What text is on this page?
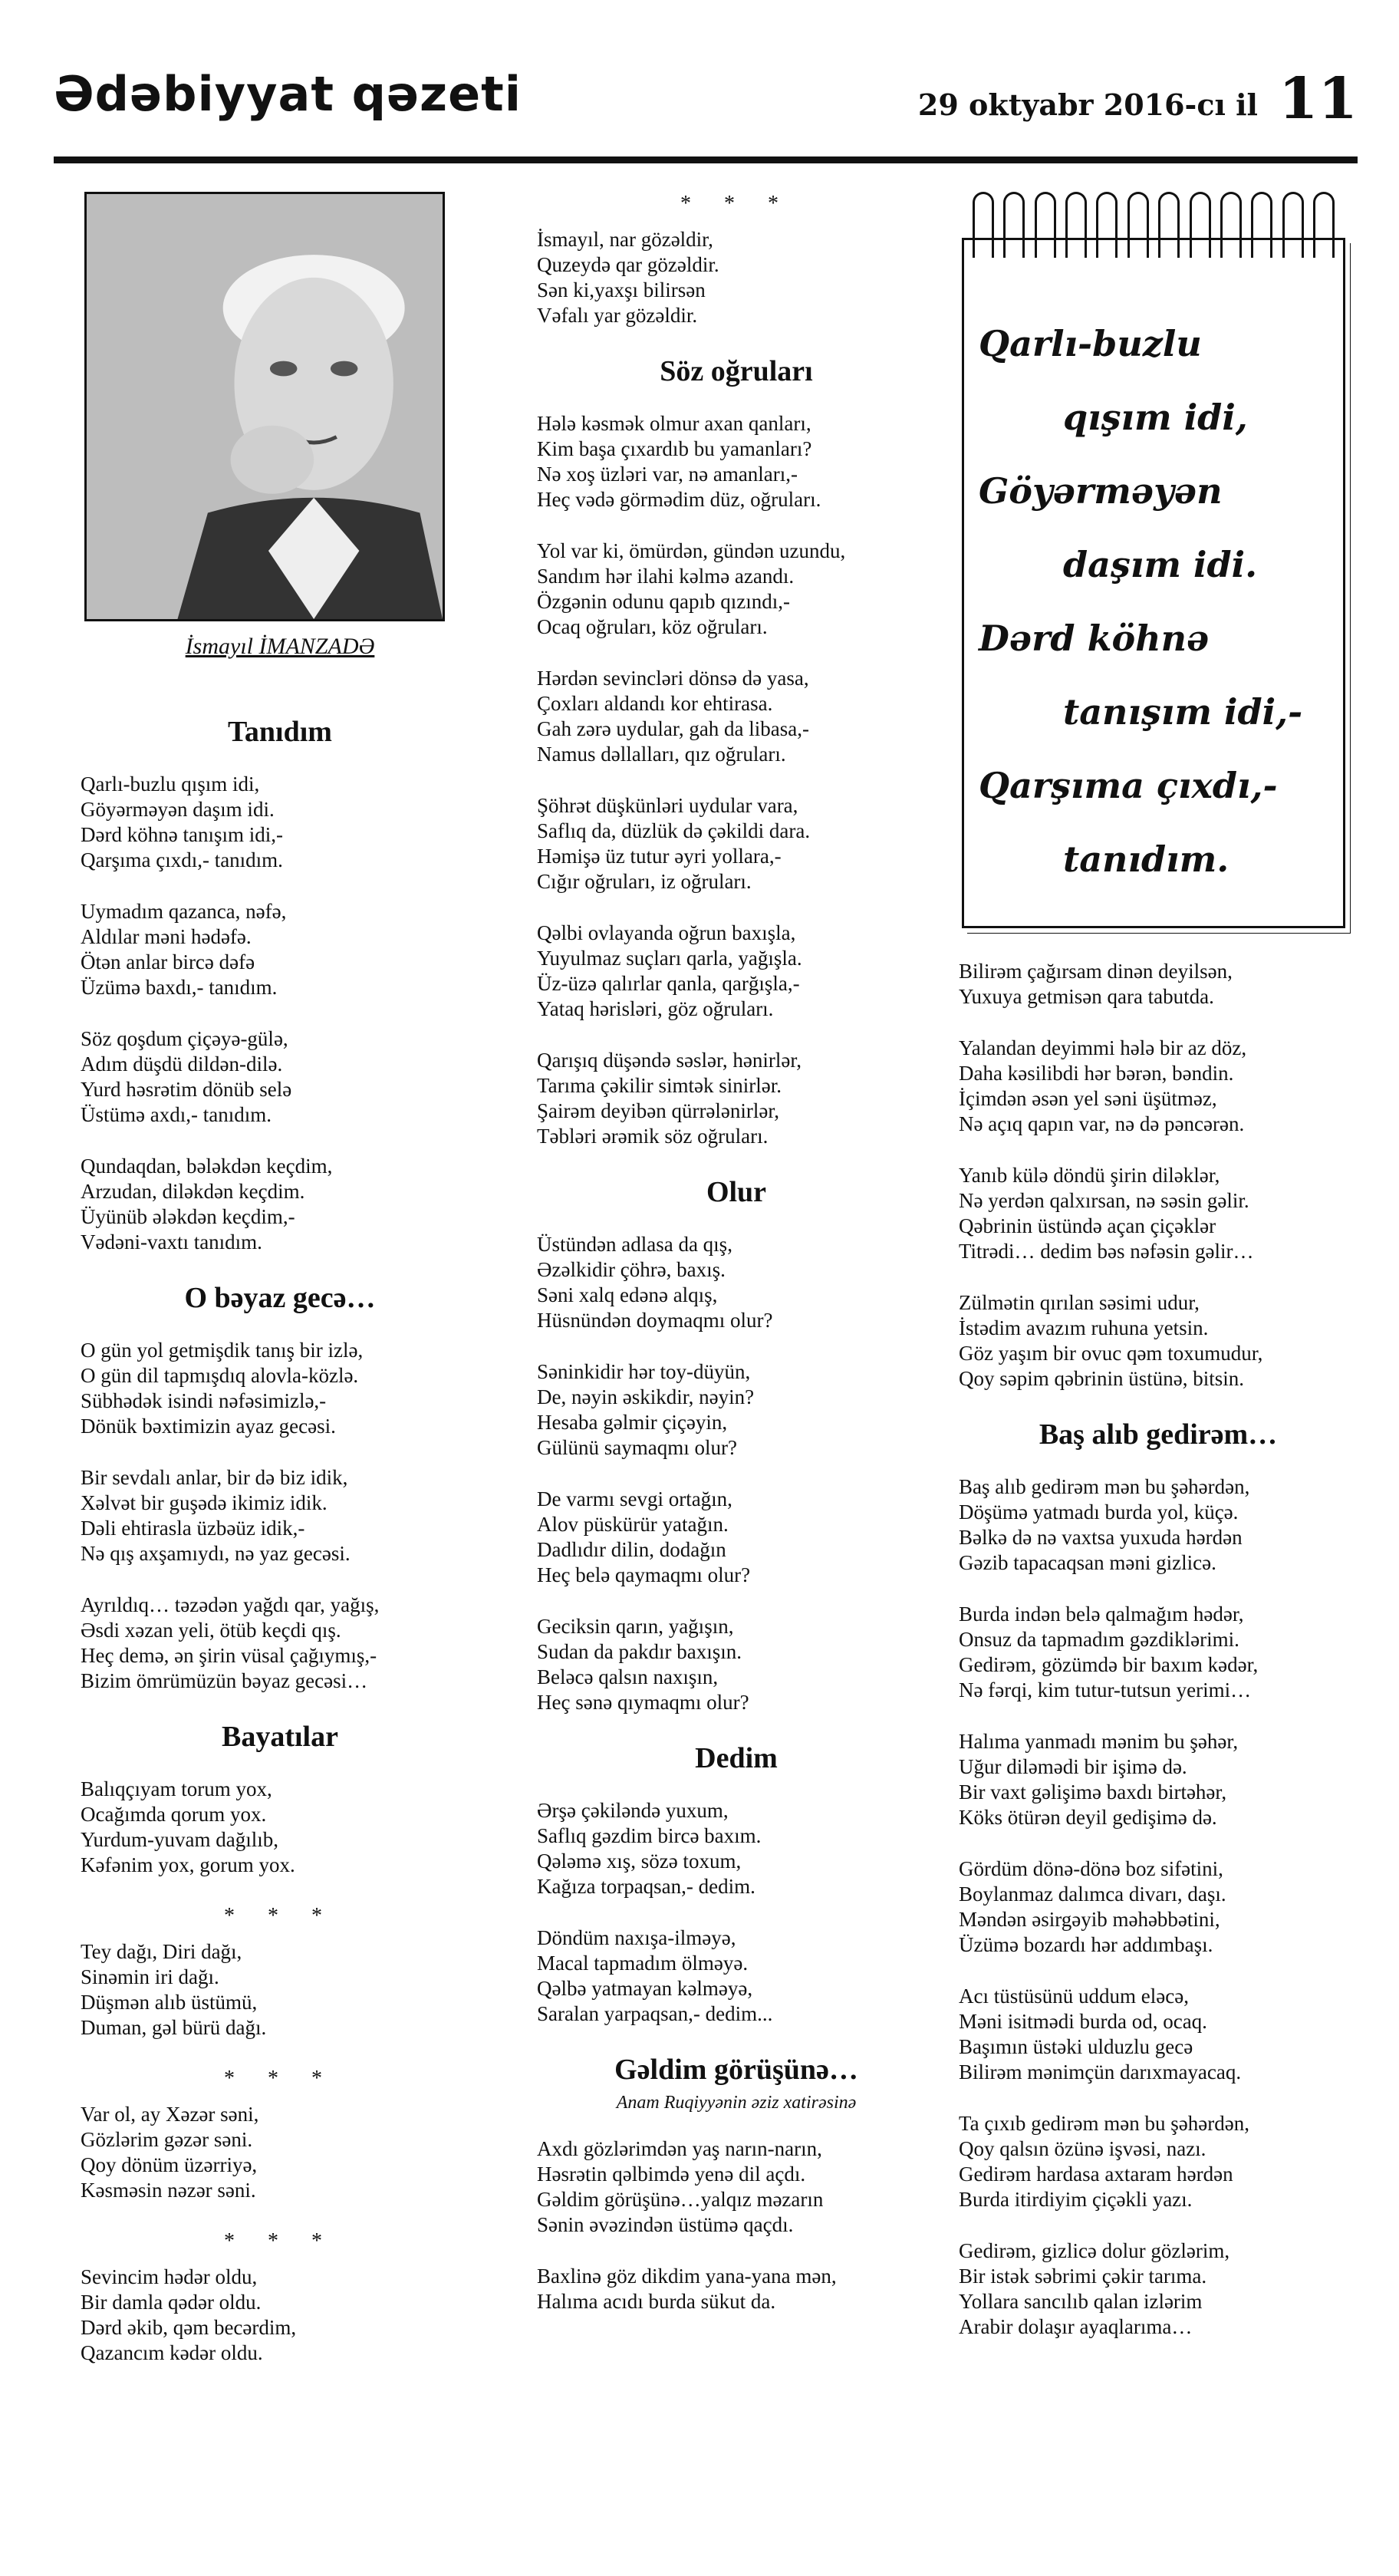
Ədəbiyyat qəzeti	29 oktyabr 2016-cı il 11
İsmayıl İMANZADƏ
Tanıdım
Qarlı-buzlu qışım idi,
Göyərməyən daşım idi.
Dərd köhnə tanışım idi,-
Qarşıma çıxdı,- tanıdım.
Uymadım qazanca, nəfə,
Aldılar məni hədəfə.
Ötən anlar bircə dəfə
Üzümə baxdı,- tanıdım.
Söz qoşdum çiçəyə-gülə,
Adım düşdü dildən-dilə.
Yurd həsrətim dönüb selə
Üstümə axdı,- tanıdım.
Qundaqdan, bələkdən keçdim,
Arzudan, diləkdən keçdim.
Üyünüb ələkdən keçdim,-
Vədəni-vaxtı tanıdım.
O bəyaz gecə…
O gün yol getmişdik tanış bir izlə,
O gün dil tapmışdıq alovla-közlə.
Sübhədək isindi nəfəsimizlə,-
Dönük bəxtimizin ayaz gecəsi.
Bir sevdalı anlar, bir də biz idik,
Xəlvət bir guşədə ikimiz idik.
Dəli ehtirasla üzbəüz idik,-
Nə qış axşamıydı, nə yaz gecəsi.
Ayrıldıq… təzədən yağdı qar, yağış,
Əsdi xəzan yeli, ötüb keçdi qış.
Heç demə, ən şirin vüsal çağıymış,-
Bizim ömrümüzün bəyaz gecəsi…
Bayatılar
Balıqçıyam torum yox,
Ocağımda qorum yox.
Yurdum-yuvam dağılıb,
Kəfənim yox, gorum yox.
* * *
Tey dağı, Diri dağı,
Sinəmin iri dağı.
Düşmən alıb üstümü,
Duman, gəl bürü dağı.
* * *
Var ol, ay Xəzər səni,
Gözlərim gəzər səni.
Qoy dönüm üzərriyə,
Kəsməsin nəzər səni.
* * *
Sevincim hədər oldu,
Bir damla qədər oldu.
Dərd əkib, qəm becərdim,
Qazancım kədər oldu.
* * *
İsmayıl, nar gözəldir,
Quzeydə qar gözəldir.
Sən ki,yaxşı bilirsən
Vəfalı yar gözəldir.
Söz oğruları
Hələ kəsmək olmur axan qanları,
Kim başa çıxardıb bu yamanları?
Nə xoş üzləri var, nə amanları,-
Heç vədə görmədim düz, oğruları.
Yol var ki, ömürdən, gündən uzundu,
Sandım hər ilahi kəlmə azandı.
Özgənin odunu qapıb qızındı,-
Ocaq oğruları, köz oğruları.
Hərdən sevincləri dönsə də yasa,
Çoxları aldandı kor ehtirasa.
Gah zərə uydular, gah da libasa,-
Namus dəllalları, qız oğruları.
Şöhrət düşkünləri uydular vara,
Saflıq da, düzlük də çəkildi dara.
Həmişə üz tutur əyri yollara,-
Cığır oğruları, iz oğruları.
Qəlbi ovlayanda oğrun baxışla,
Yuyulmaz suçları qarla, yağışla.
Üz-üzə qalırlar qanla, qarğışla,-
Yataq hərisləri, göz oğruları.
Qarışıq düşəndə səslər, hənirlər,
Tarıma çəkilir simtək sinirlər.
Şairəm deyibən qürrələnirlər,
Təbləri ərəmik söz oğruları.
Olur
Üstündən adlasa da qış,
Əzəlkidir çöhrə, baxış.
Səni xalq edənə alqış,
Hüsnündən doymaqmı olur?
Səninkidir hər toy-düyün,
De, nəyin əskikdir, nəyin?
Hesaba gəlmir çiçəyin,
Gülünü saymaqmı olur?
De varmı sevgi ortağın,
Alov püskürür yatağın.
Dadlıdır dilin, dodağın
Heç belə qaymaqmı olur?
Geciksin qarın, yağışın,
Sudan da pakdır baxışın.
Beləcə qalsın naxışın,
Heç sənə qıymaqmı olur?
Dedim
Ərşə çəkiləndə yuxum,
Saflıq gəzdim bircə baxım.
Qələmə xış, sözə toxum,
Kağıza torpaqsan,- dedim.
Döndüm naxışa-ilməyə,
Macal tapmadım ölməyə.
Qəlbə yatmayan kəlməyə,
Saralan yarpaqsan,- dedim...
Gəldim görüşünə…
Anam Ruqiyyənin əziz xatirəsinə
Axdı gözlərimdən yaş narın-narın,
Həsrətin qəlbimdə yenə dil açdı.
Gəldim görüşünə…yalqız məzarın
Sənin əvəzindən üstümə qaçdı.
Baxlinə göz dikdim yana-yana mən,
Halıma acıdı burda sükut da.
Qarlı-buzlu
qışım idi,
Göyərməyən
daşım idi.
Dərd köhnə
tanışım idi,-
Qarşıma çıxdı,-
tanıdım.
Bilirəm çağırsam dinən deyilsən,
Yuxuya getmisən qara tabutda.
Yalandan deyimmi hələ bir az döz,
Daha kəsilibdi hər bərən, bəndin.
İçimdən əsən yel səni üşütməz,
Nə açıq qapın var, nə də pəncərən.
Yanıb külə döndü şirin diləklər,
Nə yerdən qalxırsan, nə səsin gəlir.
Qəbrinin üstündə açan çiçəklər
Titrədi… dedim bəs nəfəsin gəlir…
Zülmətin qırılan səsimi udur,
İstədim avazım ruhuna yetsin.
Göz yaşım bir ovuc qəm toxumudur,
Qoy səpim qəbrinin üstünə, bitsin.
Baş alıb gedirəm…
Baş alıb gedirəm mən bu şəhərdən,
Döşümə yatmadı burda yol, küçə.
Bəlkə də nə vaxtsa yuxuda hərdən
Gəzib tapacaqsan məni gizlicə.
Burda indən belə qalmağım hədər,
Onsuz da tapmadım gəzdiklərimi.
Gedirəm, gözümdə bir baxım kədər,
Nə fərqi, kim tutur-tutsun yerimi…
Halıma yanmadı mənim bu şəhər,
Uğur diləmədi bir işimə də.
Bir vaxt gəlişimə baxdı birtəhər,
Köks ötürən deyil gedişimə də.
Gördüm dönə-dönə boz sifətini,
Boylanmaz dalımca divarı, daşı.
Məndən əsirgəyib məhəbbətini,
Üzümə bozardı hər addımbaşı.
Acı tüstüsünü uddum eləcə,
Məni isitmədi burda od, ocaq.
Başımın üstəki ulduzlu gecə
Bilirəm mənimçün darıxmayacaq.
Ta çıxıb gedirəm mən bu şəhərdən,
Qoy qalsın özünə işvəsi, nazı.
Gedirəm hardasa axtaram hərdən
Burda itirdiyim çiçəkli yazı.
Gedirəm, gizlicə dolur gözlərim,
Bir istək səbrimi çəkir tarıma.
Yollara sancılıb qalan izlərim
Arabir dolaşır ayaqlarıma…
